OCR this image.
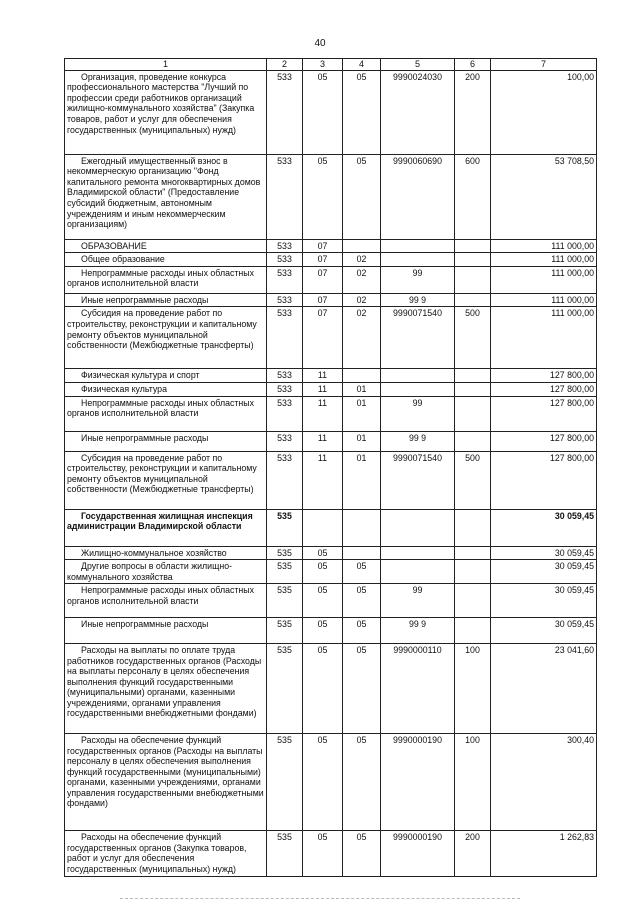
40
1	2	3	4	5	6	7
Организация, проведение конкурса профессионального мастерства "Лучший по профессии среди работников организаций жилищно-коммунального хозяйства" (Закупка товаров, работ и услуг для обеспечения государственных (муниципальных) нужд)	533	05	05	9990024030	200	100,00
Ежегодный имущественный взнос в некоммерческую организацию "Фонд капитального ремонта многоквартирных домов Владимирской области" (Предоставление субсидий бюджетным, автономным учреждениям и иным некоммерческим организациям)	533	05	05	9990060690	600	53 708,50
ОБРАЗОВАНИЕ	533	07				111 000,00
Общее образование	533	07	02			111 000,00
Непрограммные расходы иных областных органов исполнительной власти	533	07	02	99		111 000,00
Иные непрограммные расходы	533	07	02	99 9		111 000,00
Субсидия на проведение работ по строительству, реконструкции и капитальному ремонту объектов муниципальной собственности (Межбюджетные трансферты)	533	07	02	9990071540	500	111 000,00
Физическая культура и спорт	533	11				127 800,00
Физическая культура	533	11	01			127 800,00
Непрограммные расходы иных областных органов исполнительной власти	533	11	01	99		127 800,00
Иные непрограммные расходы	533	11	01	99 9		127 800,00
Субсидия на проведение работ по строительству, реконструкции и капитальному ремонту объектов муниципальной собственности (Межбюджетные трансферты)	533	11	01	9990071540	500	127 800,00
Государственная жилищная инспекция администрации Владимирской области	535					30 059,45
Жилищно-коммунальное хозяйство	535	05				30 059,45
Другие вопросы в области жилищно-коммунального хозяйства	535	05	05			30 059,45
Непрограммные расходы иных областных органов исполнительной власти	535	05	05	99		30 059,45
Иные непрограммные расходы	535	05	05	99 9		30 059,45
Расходы на выплаты по оплате труда работников государственных органов (Расходы на выплаты персоналу в целях обеспечения выполнения функций государственными (муниципальными) органами, казенными учреждениями, органами управления государственными внебюджетными фондами)	535	05	05	9990000110	100	23 041,60
Расходы на обеспечение функций государственных органов (Расходы на выплаты персоналу в целях обеспечения выполнения функций государственными (муниципальными) органами, казенными учреждениями, органами управления государственными внебюджетными фондами)	535	05	05	9990000190	100	300,40
Расходы на обеспечение функций государственных органов (Закупка товаров, работ и услуг для обеспечения государственных (муниципальных) нужд)	535	05	05	9990000190	200	1 262,83
